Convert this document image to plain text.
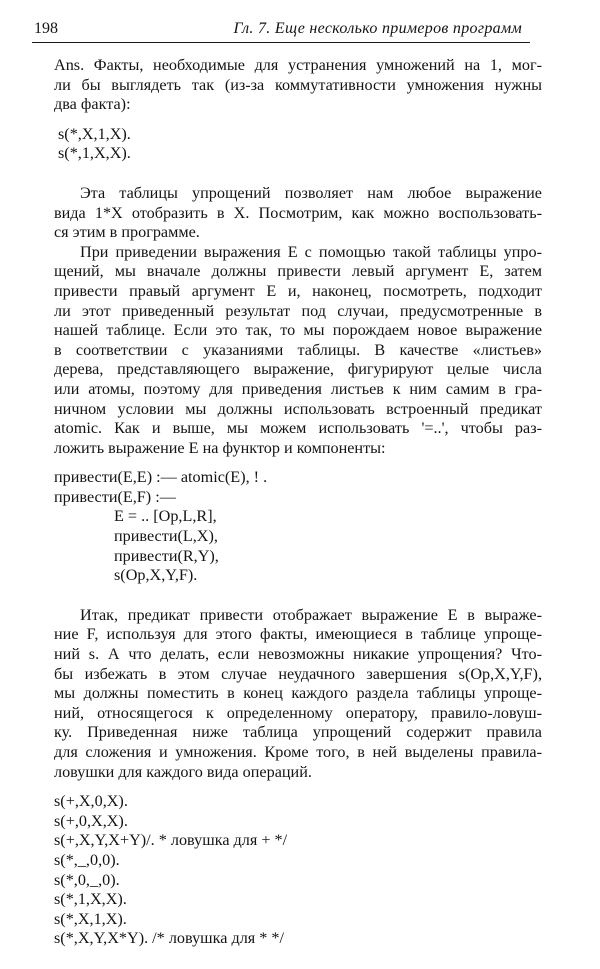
198	Гл. 7. Еще несколько примеров программ
Ans. Факты, необходимые для устранения умножений на 1, мог-
ли бы выглядеть так (из-за коммутативности умножения нужны
два факта):
s(*,X,1,X).
s(*,1,X,X).
Эта таблицы упрощений позволяет нам любое выражение
вида 1*X отобразить в X. Посмотрим, как можно воспользовать-
ся этим в программе.
При приведении выражения E с помощью такой таблицы упро-
щений, мы вначале должны привести левый аргумент E, затем
привести правый аргумент E и, наконец, посмотреть, подходит
ли этот приведенный результат под случаи, предусмотренные в
нашей таблице. Если это так, то мы порождаем новое выражение
в соответствии с указаниями таблицы. В качестве «листьев»
дерева, представляющего выражение, фигурируют целые числа
или атомы, поэтому для приведения листьев к ним самим в гра-
ничном условии мы должны использовать встроенный предикат
atomic. Как и выше, мы можем использовать '=..', чтобы раз-
ложить выражение E на функтор и компоненты:
привести(E,E) :— atomic(E), ! .
привести(E,F) :—
E = .. [Op,L,R],
привести(L,X),
привести(R,Y),
s(Op,X,Y,F).
Итак, предикат привести отображает выражение E в выраже-
ние F, используя для этого факты, имеющиеся в таблице упроще-
ний s. А что делать, если невозможны никакие упрощения? Что-
бы избежать в этом случае неудачного завершения s(Op,X,Y,F),
мы должны поместить в конец каждого раздела таблицы упроще-
ний, относящегося к определенному оператору, правило-ловуш-
ку. Приведенная ниже таблица упрощений содержит правила
для сложения и умножения. Кроме того, в ней выделены правила-
ловушки для каждого вида операций.
s(+,X,0,X).
s(+,0,X,X).
s(+,X,Y,X+Y)/. * ловушка для + */
s(*,_,0,0).
s(*,0,_,0).
s(*,1,X,X).
s(*,X,1,X).
s(*,X,Y,X*Y). /* ловушка для * */
